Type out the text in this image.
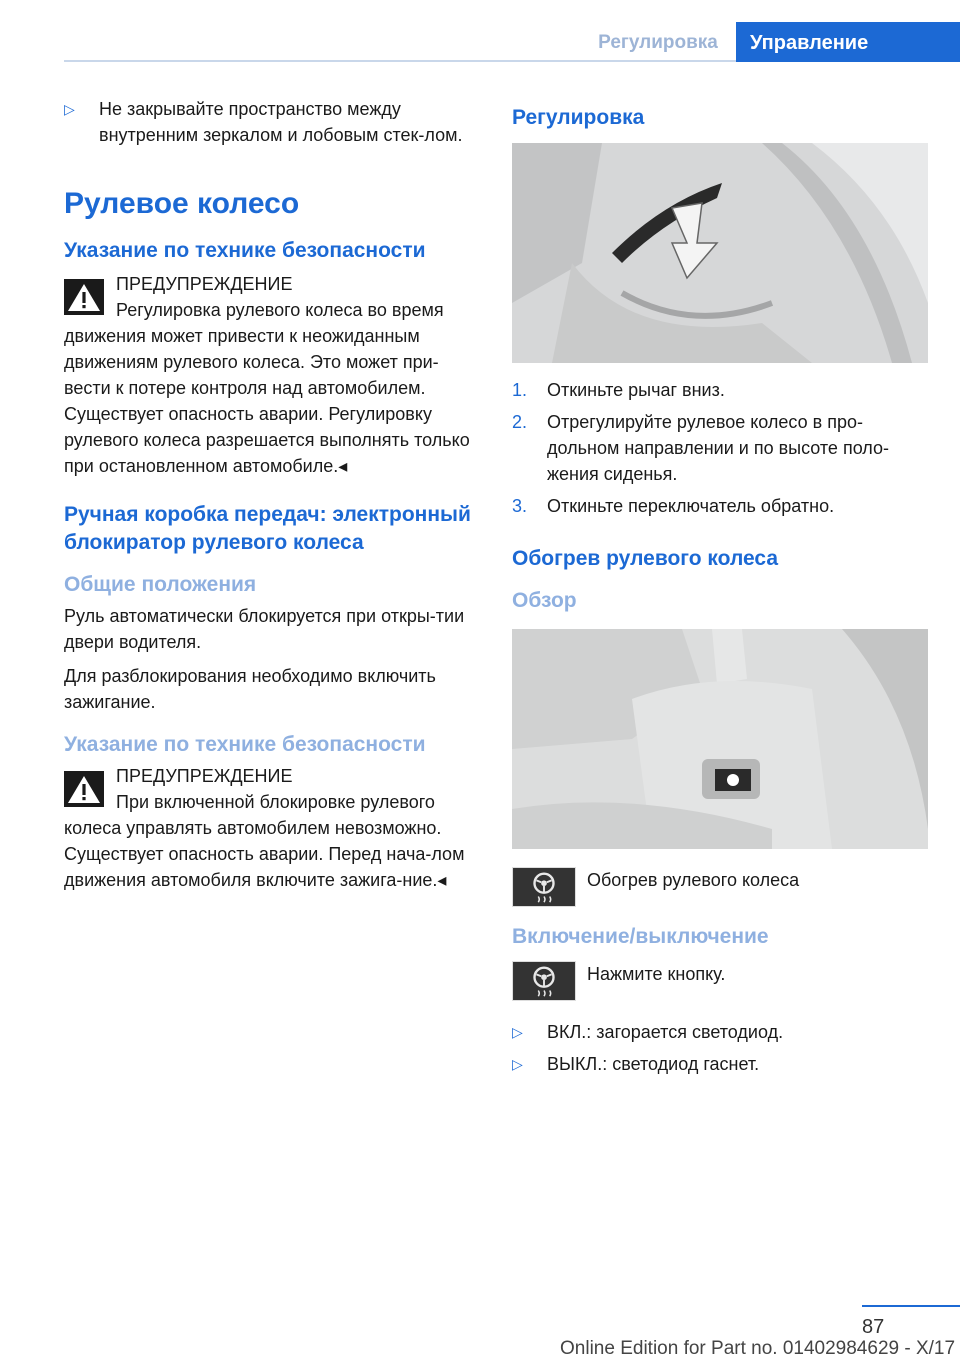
Регулировка	Управление
▷ Не закрывайте пространство между внутренним зеркалом и лобовым стек-лом.
Рулевое колесо
Указание по технике безопасности
ПРЕДУПРЕЖДЕНИЕ
Регулировка рулевого колеса во время движения может привести к неожиданным движениям рулевого колеса. Это может при-вести к потере контроля над автомобилем. Существует опасность аварии. Регулировку рулевого колеса разрешается выполнять только при остановленном автомобиле.◂
Ручная коробка передач: электронный блокиратор рулевого колеса
Общие положения
Руль автоматически блокируется при откры-тии двери водителя.
Для разблокирования необходимо включить зажигание.
Указание по технике безопасности
ПРЕДУПРЕЖДЕНИЕ
При включенной блокировке рулевого колеса управлять автомобилем невозможно. Существует опасность аварии. Перед нача-лом движения автомобиля включите зажига-ние.◂
Регулировка
1. Откиньте рычаг вниз.
2. Отрегулируйте рулевое колесо в про-дольном направлении и по высоте поло-жения сиденья.
3. Откиньте переключатель обратно.
Обогрев рулевого колеса
Обзор
Обогрев рулевого колеса
Включение/выключение
Нажмите кнопку.
▷ ВКЛ.: загорается светодиод.
▷ ВЫКЛ.: светодиод гаснет.
87
Online Edition for Part no. 01402984629 - X/17
